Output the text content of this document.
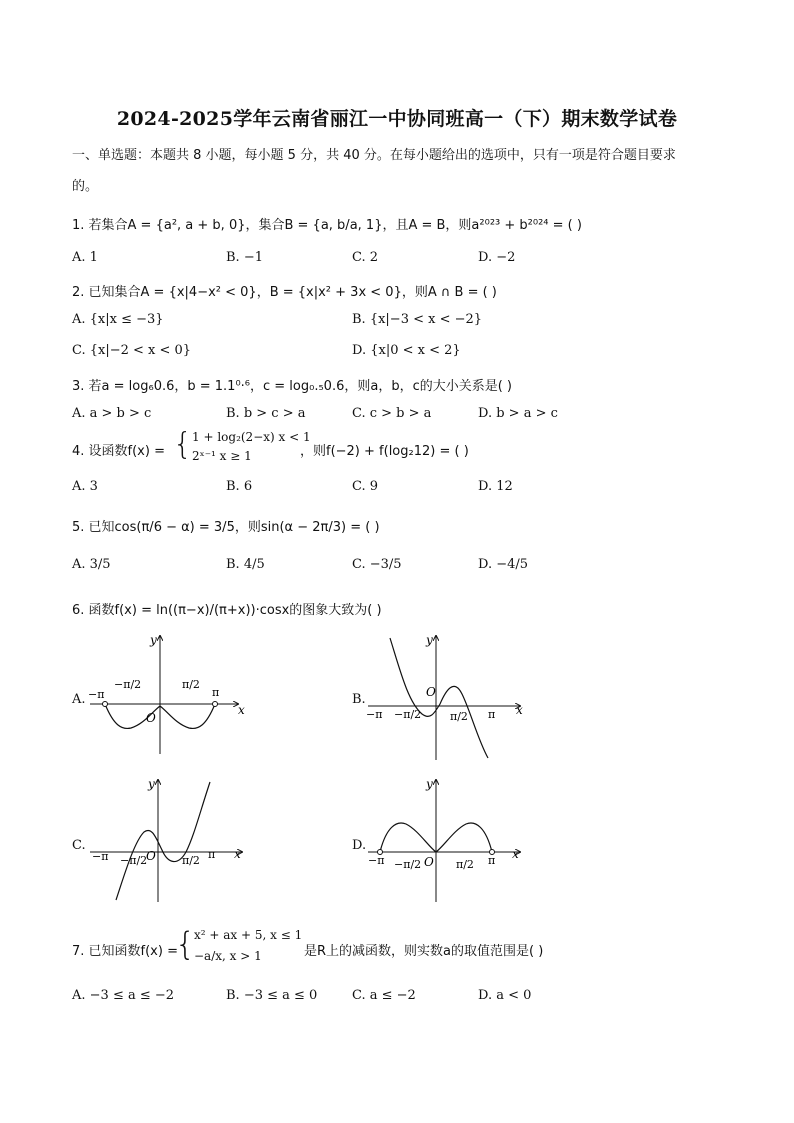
2024-2025学年云南省丽江一中协同班高一（下）期末数学试卷
一、单选题：本题共 8 小题，每小题 5 分，共 40 分。在每小题给出的选项中，只有一项是符合题目要求
的。
1. 若集合A = {a², a + b, 0}，集合B = {a, b/a, 1}，且A = B，则a²⁰²³ + b²⁰²⁴ = ( )
A. 1	B. −1	C. 2	D. −2
2. 已知集合A = {x|4−x² < 0}，B = {x|x² + 3x < 0}，则A ∩ B = ( )
A. {x|x ≤ −3}	B. {x|−3 < x < −2}
C. {x|−2 < x < 0}	D. {x|0 < x < 2}
3. 若a = log₆0.6，b = 1.1⁰·⁶，c = log₀.₅0.6，则a，b，c的大小关系是( )
A. a > b > c	B. b > c > a	C. c > b > a	D. b > a > c
4. 设函数f(x) = { 1 + log₂(2−x) x < 1
2ˣ⁻¹ x ≥ 1	，则f(−2) + f(log₂12) = ( )
A. 3	B. 6	C. 9	D. 12
5. 已知cos(π/6 − α) = 3/5，则sin(α − 2π/3) = ( )
A. 3/5	B. 4/5	C. −3/5	D. −4/5
6. 函数f(x) = ln((π−x)/(π+x))·cosx的图象大致为( )
A.
y
x
O
−π
−π/2	π/2
π	B.
y
x
O
−π −π/2	π/2 π
C.
y
x
O
−π −π/2	π/2 π
D.
y
x
O
−π −π/2	π/2 π
7. 已知函数f(x) =
{
x² + ax + 5, x ≤ 1
−a/x, x > 1	是R上的减函数，则实数a的取值范围是( )
A. −3 ≤ a ≤ −2	B. −3 ≤ a ≤ 0	C. a ≤ −2	D. a < 0
